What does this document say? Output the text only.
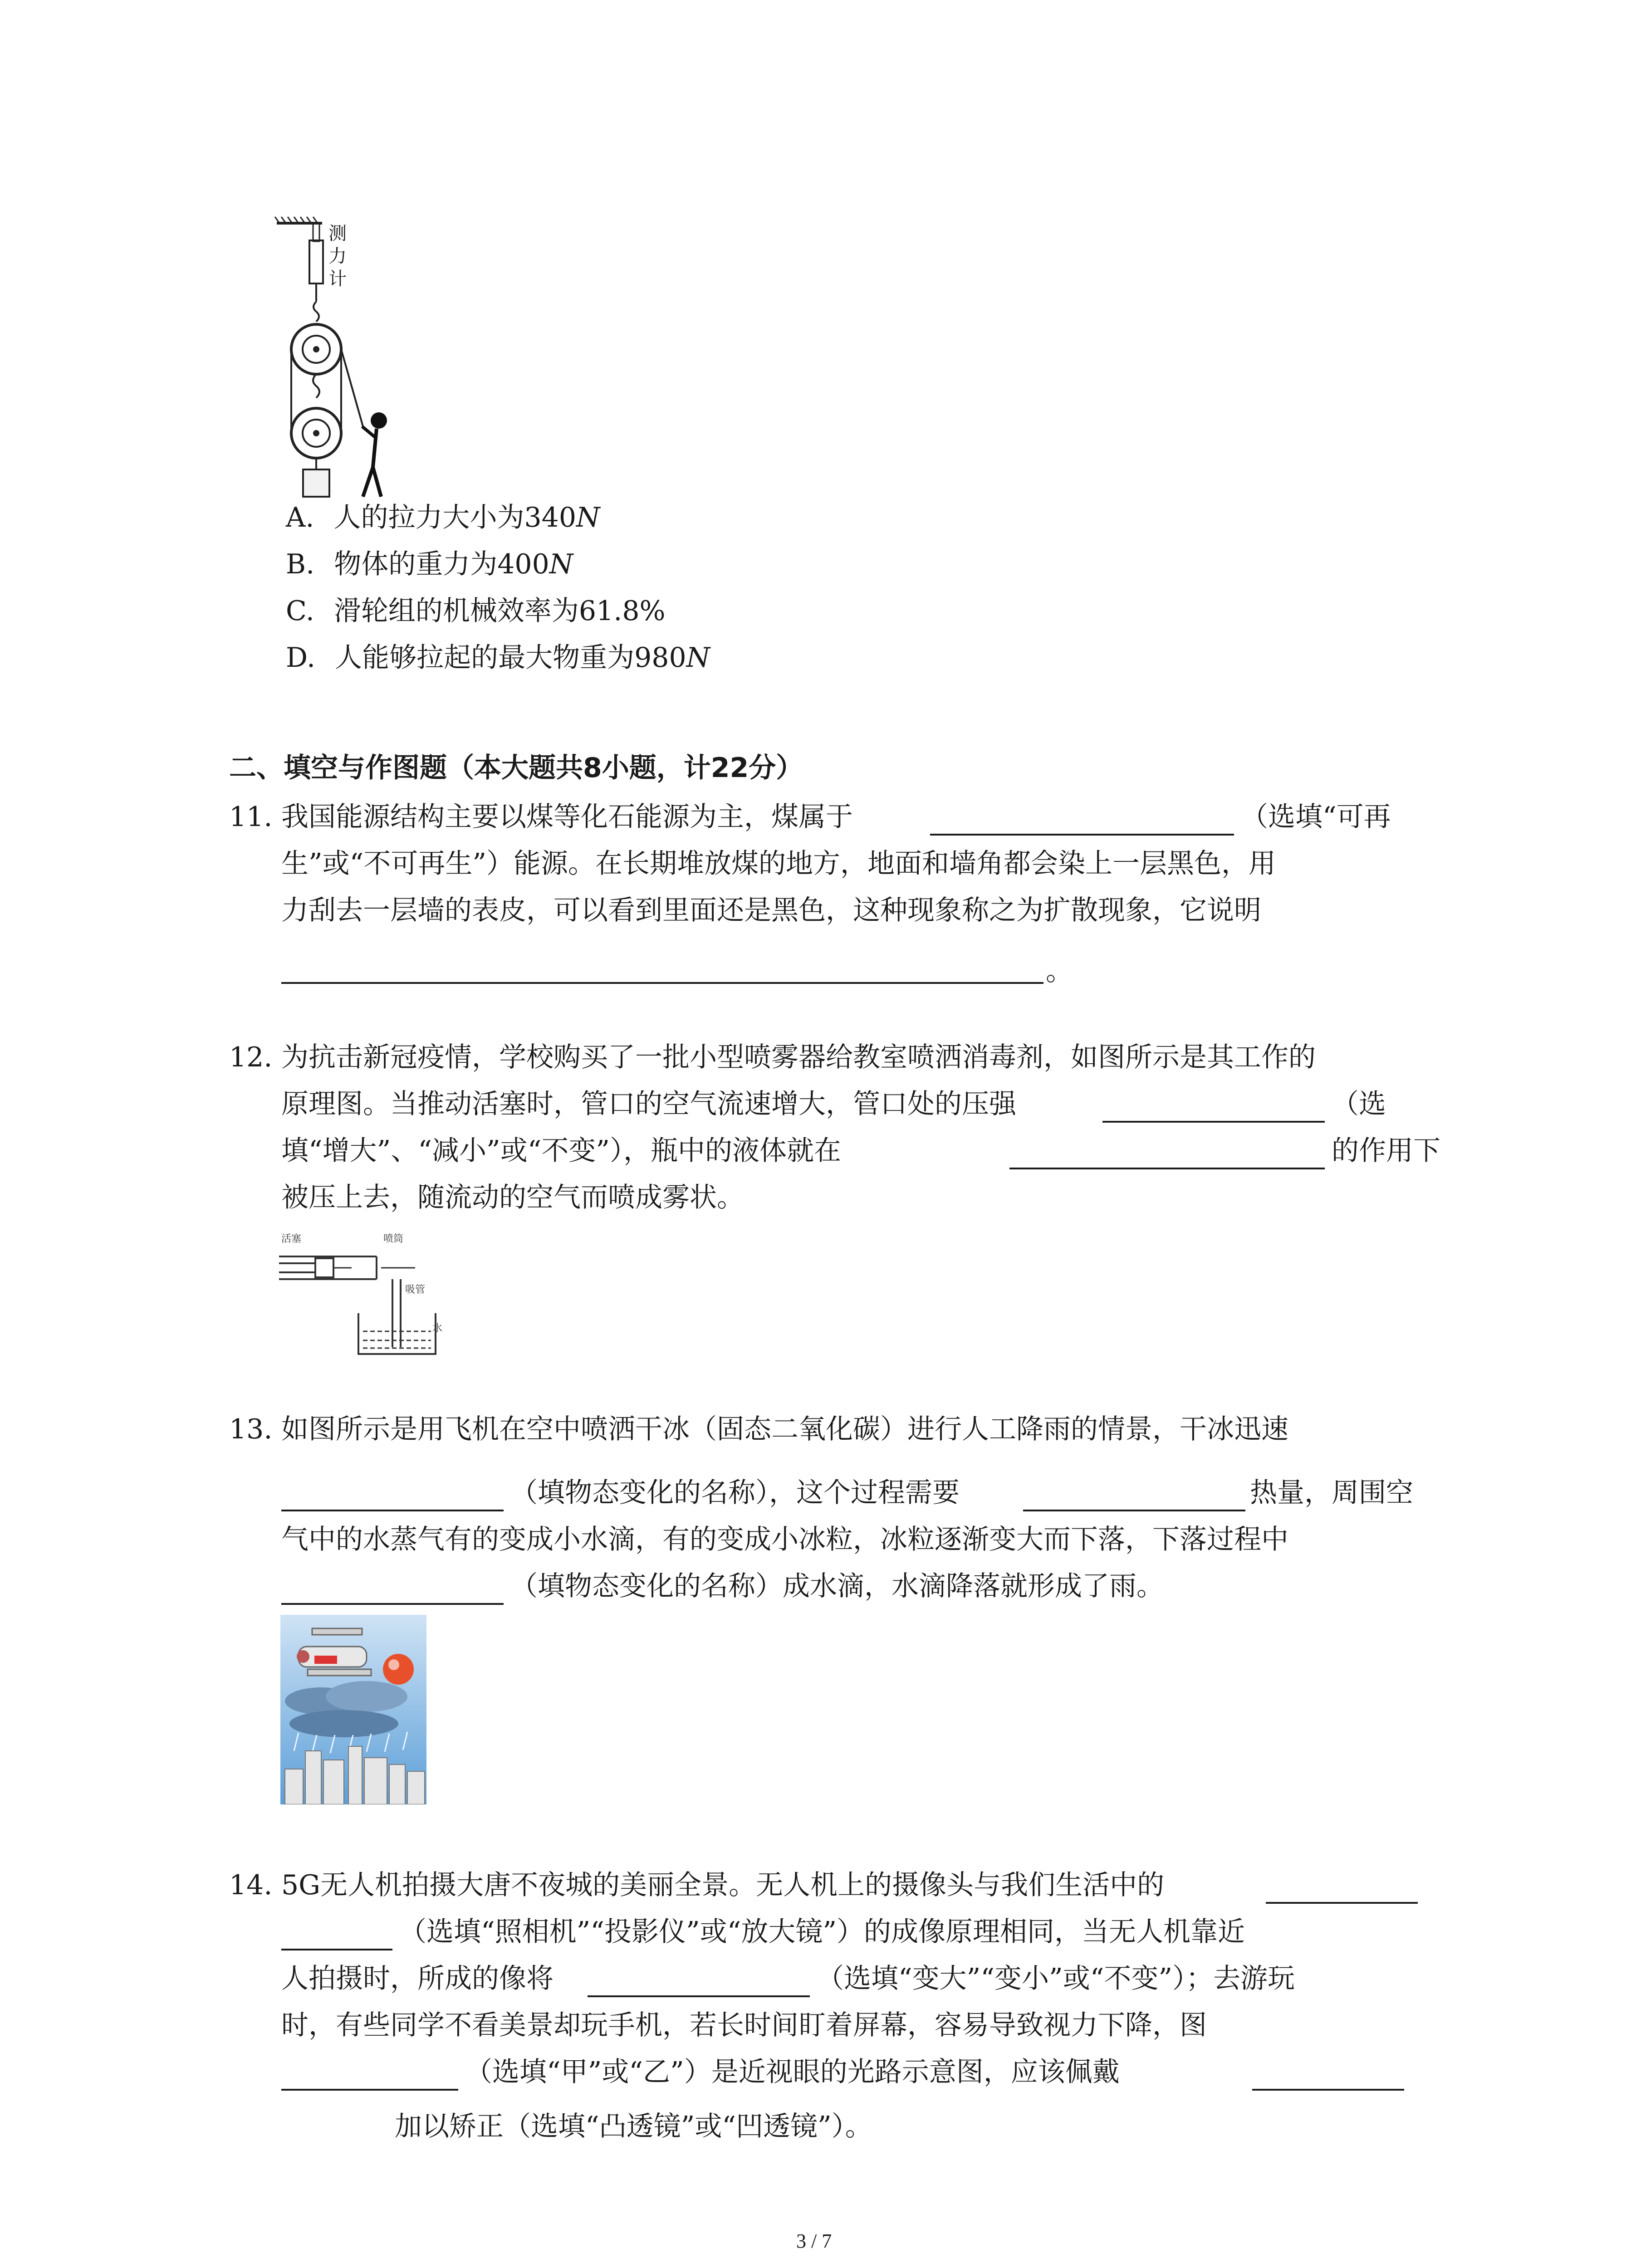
测力计
A. 人的拉力大小为340N
B. 物体的重力为400N
C. 滑轮组的机械效率为61.8%
D. 人能够拉起的最大物重为980N
二、填空与作图题（本大题共8小题，计22分）
11. 我国能源结构主要以煤等化石能源为主，煤属于	（选填“可再
生”或“不可再生”）能源。在长期堆放煤的地方，地面和墙角都会染上一层黑色，用
力刮去一层墙的表皮，可以看到里面还是黑色，这种现象称之为扩散现象，它说明
。
12. 为抗击新冠疫情，学校购买了一批小型喷雾器给教室喷洒消毒剂，如图所示是其工作的
原理图。当推动活塞时，管口的空气流速增大，管口处的压强	（选
填“增大”、“减小”或“不变”），瓶中的液体就在	的作用下
被压上去，随流动的空气而喷成雾状。
活塞	喷筒
吸管
水
13. 如图所示是用飞机在空中喷洒干冰（固态二氧化碳）进行人工降雨的情景，干冰迅速
（填物态变化的名称），这个过程需要	热量，周围空
气中的水蒸气有的变成小水滴，有的变成小冰粒，冰粒逐渐变大而下落，下落过程中
（填物态变化的名称）成水滴，水滴降落就形成了雨。
14. 5G无人机拍摄大唐不夜城的美丽全景。无人机上的摄像头与我们生活中的
（选填“照相机”“投影仪”或“放大镜”）的成像原理相同，当无人机靠近
人拍摄时，所成的像将	（选填“变大”“变小”或“不变”）；去游玩
时，有些同学不看美景却玩手机，若长时间盯着屏幕，容易导致视力下降，图
（选填“甲”或“乙”）是近视眼的光路示意图，应该佩戴
加以矫正（选填“凸透镜”或“凹透镜”）。
3 / 7
